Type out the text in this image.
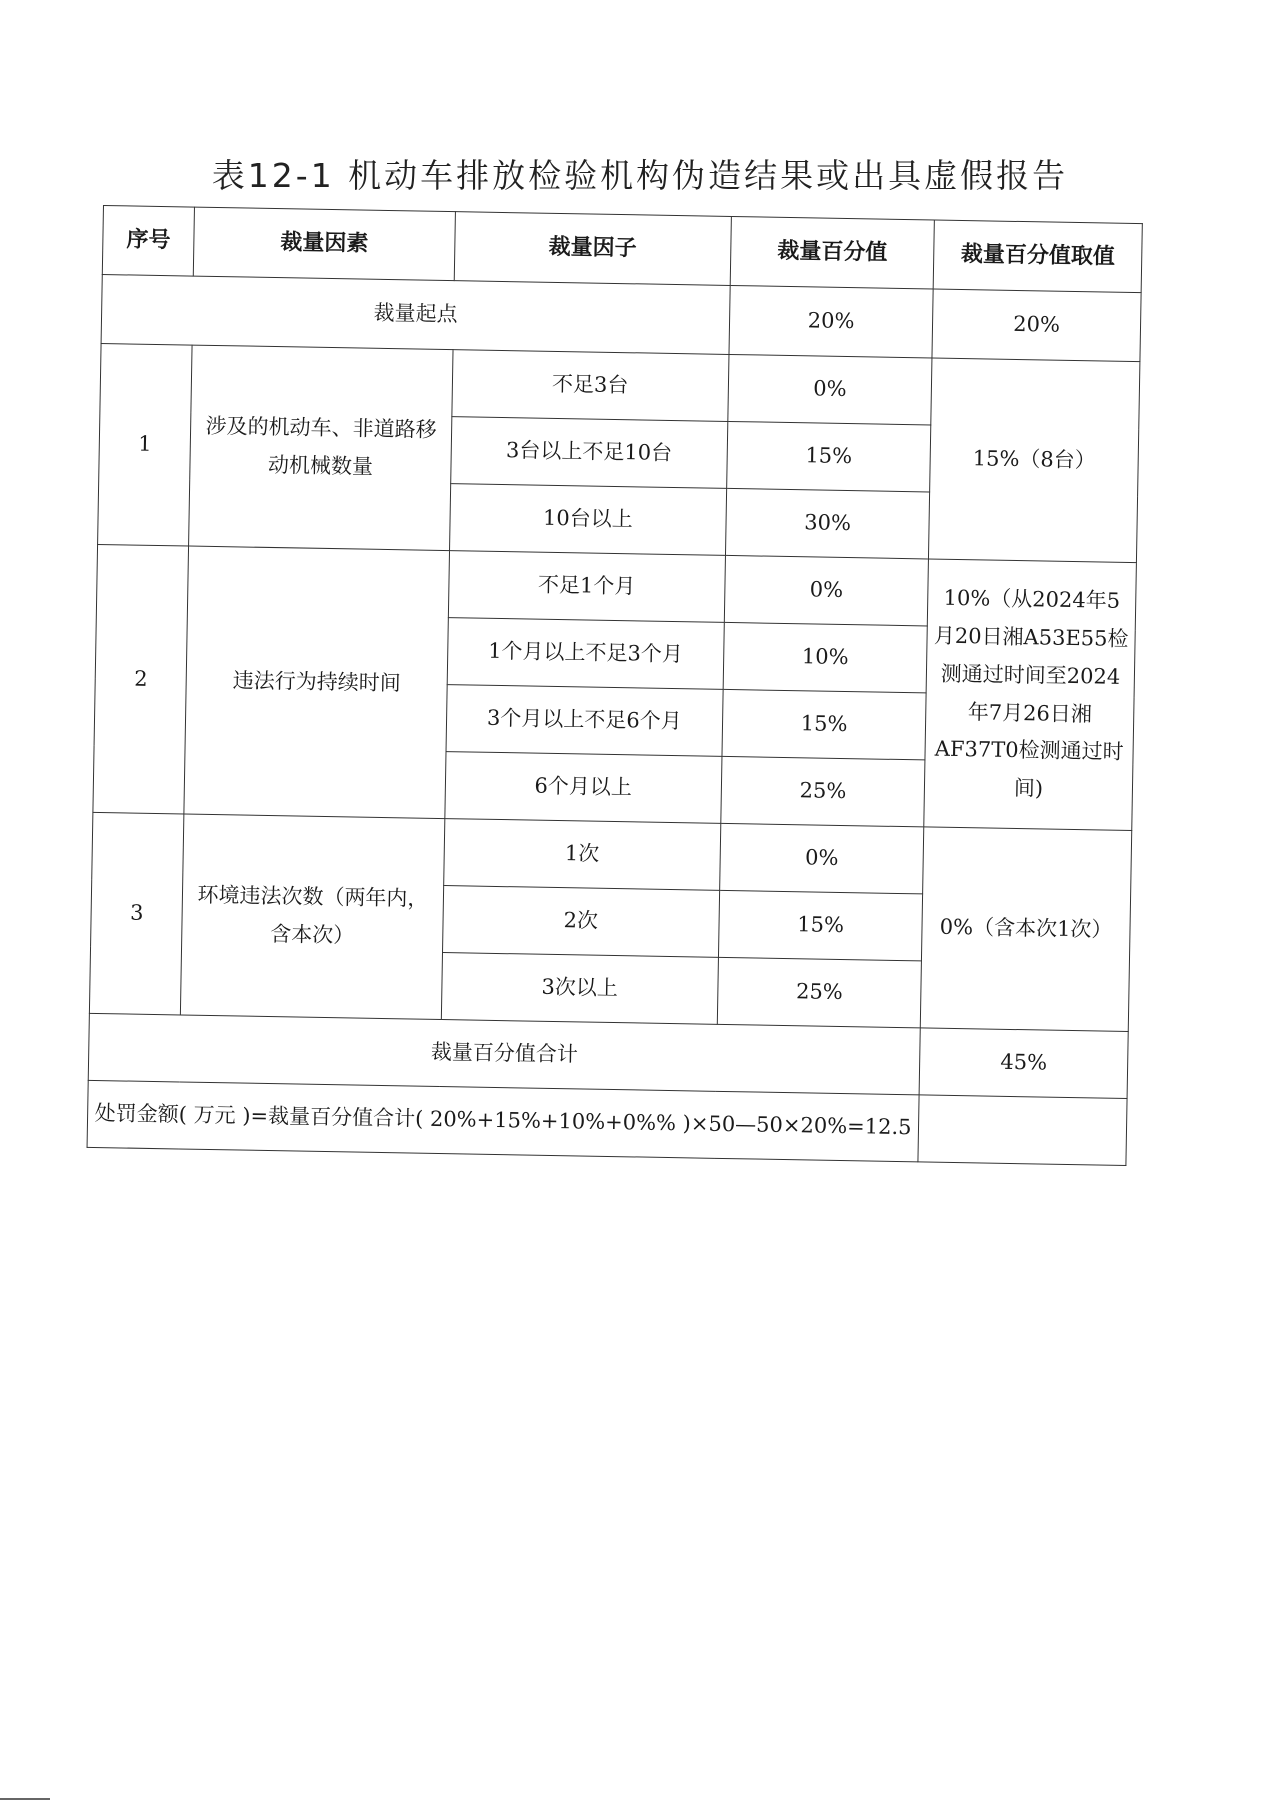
表12-1 机动车排放检验机构伪造结果或出具虚假报告
序号	裁量因素	裁量因子	裁量百分值	裁量百分值取值
裁量起点			20%	20%
1	涉及的机动车、非道路移动机械数量	不足3台	0%	15%（8台）
		3台以上不足10台	15%	
		10台以上	30%	
2	违法行为持续时间	不足1个月	0%	10%（从2024年5月20日湘A53E55检测通过时间至2024年7月26日湘AF37T0检测通过时间)
		1个月以上不足3个月	10%	
		3个月以上不足6个月	15%	
		6个月以上	25%	
3	环境违法次数（两年内，含本次）	1次	0%	0%（含本次1次）
		2次	15%	
		3次以上	25%	
裁量百分值合计				45%
处罚金额( 万元 )=裁量百分值合计( 20%+15%+10%+0%% )×50—50×20%=12.5				
